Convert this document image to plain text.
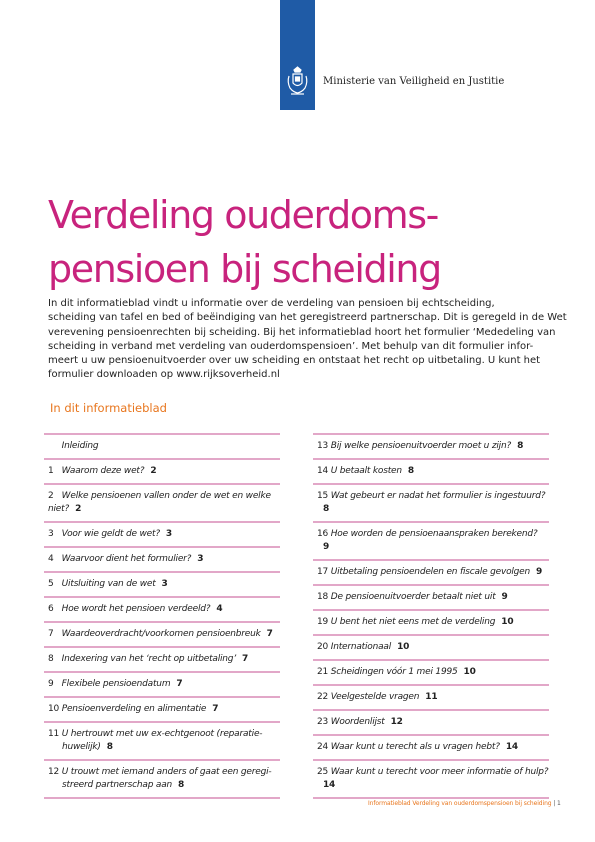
Ministerie van Veiligheid en Justitie
Verdeling ouderdoms-
pensioen bij scheiding
In dit informatieblad vindt u informatie over de verdeling van pensioen bij echtscheiding,
scheiding van tafel en bed of beëindiging van het geregistreerd partnerschap. Dit is geregeld in de Wet
verevening pensioenrechten bij scheiding. Bij het informatieblad hoort het formulier ‘Mededeling van
scheiding in verband met verdeling van ouderdomspensioen’. Met behulp van dit formulier infor-
meert u uw pensioenuitvoerder over uw scheiding en ontstaat het recht op uitbetaling. U kunt het
formulier downloaden op www.rijksoverheid.nl
In dit informatieblad
Inleiding
1 Waarom deze wet? 2
2 Welke pensioenen vallen onder de wet en welke niet? 2
3 Voor wie geldt de wet? 3
4 Waarvoor dient het formulier? 3
5 Uitsluiting van de wet 3
6 Hoe wordt het pensioen verdeeld? 4
7 Waardeoverdracht/voorkomen pensioenbreuk 7
8 Indexering van het ‘recht op uitbetaling’ 7
9 Flexibele pensioendatum 7
10 Pensioenverdeling en alimentatie 7
11 U hertrouwt met uw ex-echtgenoot (reparatie-
huwelijk) 8
12 U trouwt met iemand anders of gaat een geregi-
streerd partnerschap aan 8
13 Bij welke pensioenuitvoerder moet u zijn? 8
14 U betaalt kosten 8
15 Wat gebeurt er nadat het formulier is ingestuurd?8
16 Hoe worden de pensioenaanspraken berekend?9
17 Uitbetaling pensioendelen en fiscale gevolgen 9
18 De pensioenuitvoerder betaalt niet uit 9
19 U bent het niet eens met de verdeling 10
20 Internationaal 10
21 Scheidingen vóór 1 mei 1995 10
22 Veelgestelde vragen 11
23 Woordenlijst 12
24 Waar kunt u terecht als u vragen hebt? 14
25 Waar kunt u terecht voor meer informatie of hulp?14
Informatieblad Verdeling van ouderdomspensioen bij scheiding | 1
